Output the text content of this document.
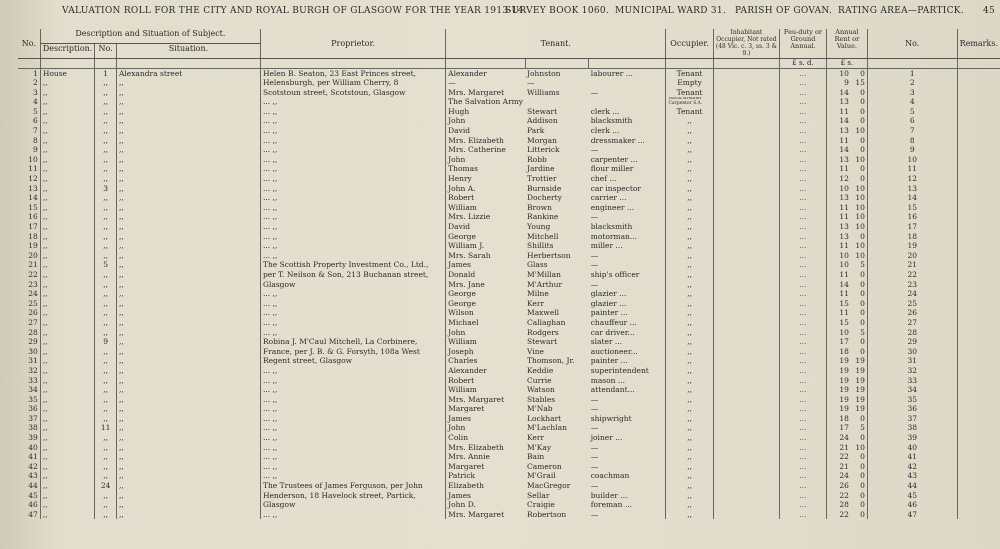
VALUATION ROLL FOR THE CITY AND ROYAL BURGH OF GLASGOW FOR THE YEAR 1913-14.
SURVEY BOOK 1060. MUNICIPAL WARD 31. PARISH OF GOVAN. RATING AREA—PARTICK. 45
No.	Description and Situation of Subject.			Proprietor.	Tenant.			Occupier.	Inhabitant Occupier, Not rated (48 Vic. c. 3, ss. 3 & 9.)	Feu-duty or Ground Annual.	Annual Rent or Value.	No.	Remarks.
	Description.	No.	Situation.										
										£ s. d.	£ s.		
1	House	1	Alexandra street	Helen B. Seaton, 23 East Princes street,	Alexander	Johnston	labourer ...	Tenant		...	10 0	1	
2	,,	,,	,,	Helensburgh, per William Cherry, 8	—	—		Empty		...	9 15	2	
3	,,	,,	,,	Scotstoun street, Scotstoun, Glasgow	Mrs. Margaret	Williams	—	Tenant		...	14 0	3	
4	,,	,,	,,	... ,,	The Salvation Army			David Brebner Carpenter S.A.		...	13 0	4	
5	,,	,,	,,	... ,,	Hugh	Stewart	clerk ...	Tenant		...	11 0	5	
6	,,	,,	,,	... ,,	John	Addison	blacksmith	,,		...	14 0	6	
7	,,	,,	,,	... ,,	David	Park	clerk ...	,,		...	13 10	7	
8	,,	,,	,,	... ,,	Mrs. Elizabeth	Morgan	dressmaker ...	,,		...	11 0	8	
9	,,	,,	,,	... ,,	Mrs. Catherine	Litterick	—	,,		...	14 0	9	
10	,,	,,	,,	... ,,	John	Robb	carpenter ...	,,		...	13 10	10	
11	,,	,,	,,	... ,,	Thomas	Jardine	flour miller	,,		...	11 0	11	
12	,,	,,	,,	... ,,	Henry	Trottier	chef ...	,,		...	12 0	12	
13	,,	3	,,	... ,,	John A.	Burnside	car inspector	,,		...	10 10	13	
14	,,	,,	,,	... ,,	Robert	Docherty	carrier ...	,,		...	13 10	14	
15	,,	,,	,,	... ,,	William	Brown	engineer ...	,,		...	11 10	15	
16	,,	,,	,,	... ,,	Mrs. Lizzie	Rankine	—	,,		...	11 10	16	
17	,,	,,	,,	... ,,	David	Young	blacksmith	,,		...	13 10	17	
18	,,	,,	,,	... ,,	George	Mitchell	motorman...	,,		...	13 0	18	
19	,,	,,	,,	... ,,	William J.	Shillits	miller ...	,,		...	11 10	19	
20	,,	,,	,,	... ,,	Mrs. Sarah	Herbertson	—	,,		...	10 10	20	
21	,,	5	,,	The Scottish Property Investment Co., Ltd.,	James	Glass	—	,,		...	10 5	21	
22	,,	,,	,,	per T. Neilson & Son, 213 Buchanan street,	Donald	M'Millan	ship's officer	,,		...	11 0	22	
23	,,	,,	,,	Glasgow	Mrs. Jane	M'Arthur	—	,,		...	14 0	23	
24	,,	,,	,,	... ,,	George	Milne	glazier ...	,,		...	11 0	24	
25	,,	,,	,,	... ,,	George	Kerr	glazier ...	,,		...	15 0	25	
26	,,	,,	,,	... ,,	Wilson	Maxwell	painter ...	,,		...	11 0	26	
27	,,	,,	,,	... ,,	Michael	Callaghan	chauffeur ...	,,		...	15 0	27	
28	,,	,,	,,	... ,,	John	Rodgers	car driver...	,,		...	10 5	28	
29	,,	9	,,	Robina J. M'Caul Mitchell, La Corbinere,	William	Stewart	slater ...	,,		...	17 0	29	
30	,,	,,	,,	France, per J. B. & G. Forsyth, 108a West	Joseph	Vine	auctioneer...	,,		...	18 0	30	
31	,,	,,	,,	Regent street, Glasgow	Charles	Thomson, Jr.	painter ...	,,		...	19 19	31	
32	,,	,,	,,	... ,,	Alexander	Keddie	superintendent	,,		...	19 19	32	
33	,,	,,	,,	... ,,	Robert	Currie	mason ...	,,		...	19 19	33	
34	,,	,,	,,	... ,,	William	Watson	attendant...	,,		...	19 19	34	
35	,,	,,	,,	... ,,	Mrs. Margaret	Stables	—	,,		...	19 19	35	
36	,,	,,	,,	... ,,	Margaret	M'Nab	—	,,		...	19 19	36	
37	,,	,,	,,	... ,,	James	Lockhart	shipwright	,,		...	18 0	37	
38	,,	11	,,	... ,,	John	M'Lachlan	—	,,		...	17 5	38	
39	,,	,,	,,	... ,,	Colin	Kerr	joiner ...	,,		...	24 0	39	
40	,,	,,	,,	... ,,	Mrs. Elizabeth	M'Kay	—	,,		...	21 10	40	
41	,,	,,	,,	... ,,	Mrs. Annie	Bain	—	,,		...	22 0	41	
42	,,	,,	,,	... ,,	Margaret	Cameron	—	,,		...	21 0	42	
43	,,	,,	,,	... ,,	Patrick	M'Grail	coachman	,,		...	24 0	43	
44	,,	24	,,	The Trustees of James Ferguson, per John	Elizabeth	MacGregor	—	,,		...	26 0	44	
45	,,	,,	,,	Henderson, 18 Havelock street, Partick,	James	Sellar	builder ...	,,		...	22 0	45	
46	,,	,,	,,	Glasgow	John D.	Craigie	foreman ...	,,		...	28 0	46	
47	,,	,,	,,	... ,,	Mrs. Margaret	Robertson	—	,,		...	22 0	47	
